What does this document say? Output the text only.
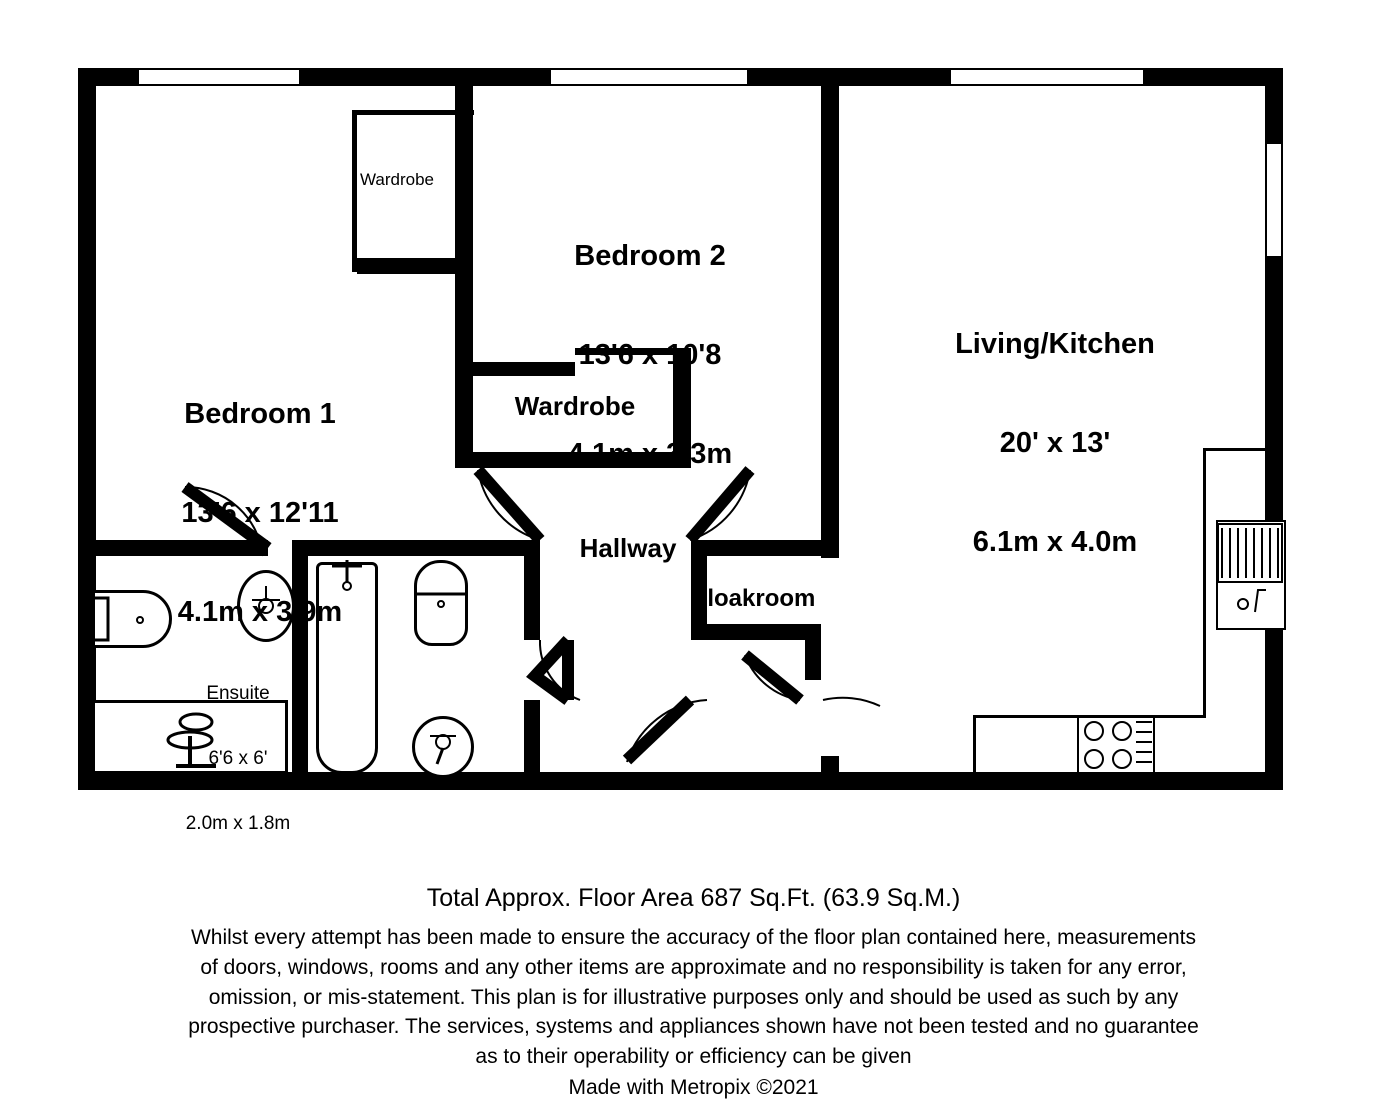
Bedroom 1

13'6 x 12'11

4.1m x 3.9m

Bedroom 2

13'6 x 10'8

4.1m x 3.3m

Living/Kitchen

20' x 13'

6.1m x 4.0m

Ensuite

6'6 x 6'

2.0m x 1.8m

Wardrobe
Wardrobe
Hallway
Cloakroom
Total Approx. Floor Area 687 Sq.Ft. (63.9 Sq.M.)
Whilst every attempt has been made to ensure the accuracy of the floor plan contained here, measurements
of doors, windows, rooms and any other items are approximate and no responsibility is taken for any error,
omission, or mis-statement. This plan is for illustrative purposes only and should be used as such by any
prospective purchaser. The services, systems and appliances shown have not been tested and no guarantee
as to their operability or efficiency can be given
Made with Metropix ©2021
